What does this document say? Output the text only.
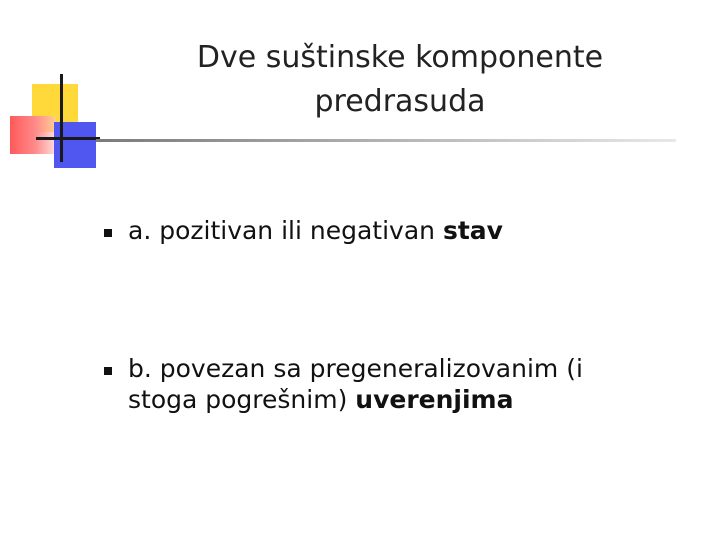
Dve suštinske komponente
predrasuda
a. pozitivan ili negativan stav
b. povezan sa pregeneralizovanim (i
stoga pogrešnim) uverenjima
